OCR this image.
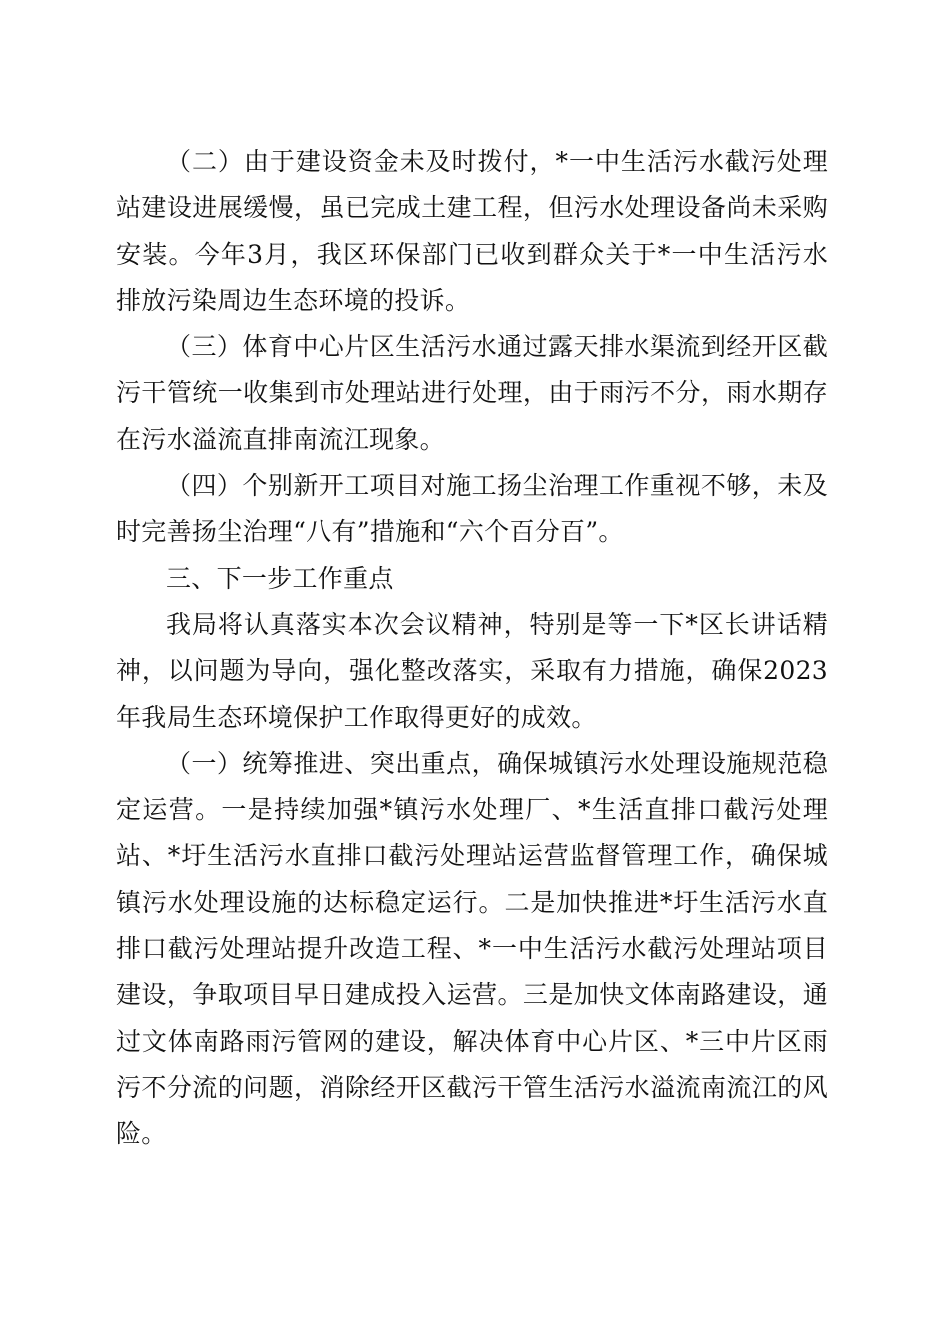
（二）由于建设资金未及时拨付，*一中生活污水截污处理站建设进展缓慢，虽已完成土建工程，但污水处理设备尚未采购安装。今年3月，我区环保部门已收到群众关于*一中生活污水排放污染周边生态环境的投诉。

（三）体育中心片区生活污水通过露天排水渠流到经开区截污干管统一收集到市处理站进行处理，由于雨污不分，雨水期存在污水溢流直排南流江现象。

（四）个别新开工项目对施工扬尘治理工作重视不够，未及时完善扬尘治理“八有”措施和“六个百分百”。

三、下一步工作重点

我局将认真落实本次会议精神，特别是等一下*区长讲话精神，以问题为导向，强化整改落实，采取有力措施，确保2023年我局生态环境保护工作取得更好的成效。

（一）统筹推进、突出重点，确保城镇污水处理设施规范稳定运营。一是持续加强*镇污水处理厂、*生活直排口截污处理站、*圩生活污水直排口截污处理站运营监督管理工作，确保城镇污水处理设施的达标稳定运行。二是加快推进*圩生活污水直排口截污处理站提升改造工程、*一中生活污水截污处理站项目建设，争取项目早日建成投入运营。三是加快文体南路建设，通过文体南路雨污管网的建设，解决体育中心片区、*三中片区雨污不分流的问题，消除经开区截污干管生活污水溢流南流江的风险。
